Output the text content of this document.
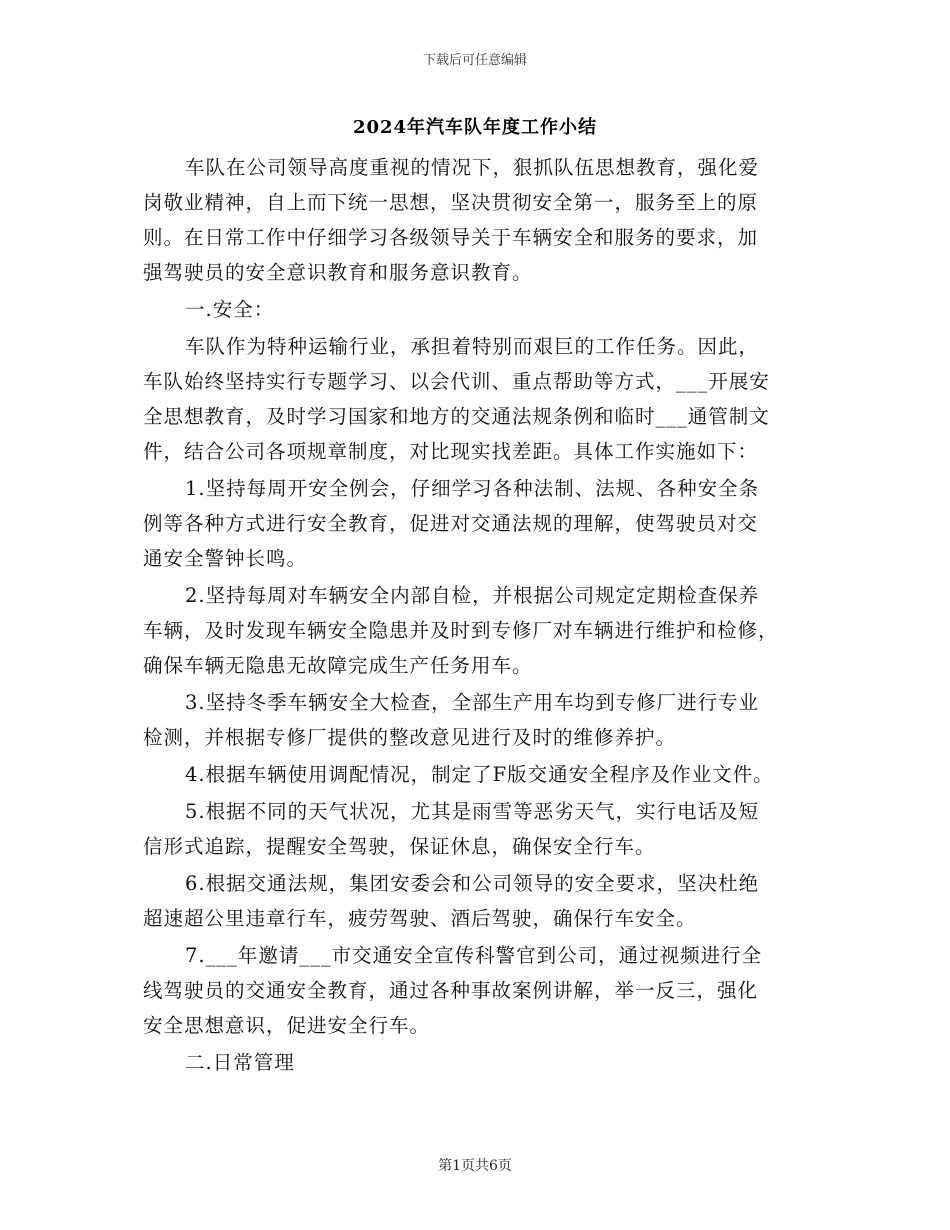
下载后可任意编辑
2024年汽车队年度工作小结
车队在公司领导高度重视的情况下，狠抓队伍思想教育，强化爱
岗敬业精神，自上而下统一思想，坚决贯彻安全第一，服务至上的原
则。在日常工作中仔细学习各级领导关于车辆安全和服务的要求，加
强驾驶员的安全意识教育和服务意识教育。
一.安全：
车队作为特种运输行业，承担着特别而艰巨的工作任务。因此，
车队始终坚持实行专题学习、以会代训、重点帮助等方式，___开展安
全思想教育，及时学习国家和地方的交通法规条例和临时___通管制文
件，结合公司各项规章制度，对比现实找差距。具体工作实施如下：
1.坚持每周开安全例会，仔细学习各种法制、法规、各种安全条
例等各种方式进行安全教育，促进对交通法规的理解，使驾驶员对交
通安全警钟长鸣。
2.坚持每周对车辆安全内部自检，并根据公司规定定期检查保养
车辆，及时发现车辆安全隐患并及时到专修厂对车辆进行维护和检修，
确保车辆无隐患无故障完成生产任务用车。
3.坚持冬季车辆安全大检查，全部生产用车均到专修厂进行专业
检测，并根据专修厂提供的整改意见进行及时的维修养护。
4.根据车辆使用调配情况，制定了F版交通安全程序及作业文件。
5.根据不同的天气状况，尤其是雨雪等恶劣天气，实行电话及短
信形式追踪，提醒安全驾驶，保证休息，确保安全行车。
6.根据交通法规，集团安委会和公司领导的安全要求，坚决杜绝
超速超公里违章行车，疲劳驾驶、酒后驾驶，确保行车安全。
7.___年邀请___市交通安全宣传科警官到公司，通过视频进行全
线驾驶员的交通安全教育，通过各种事故案例讲解，举一反三，强化
安全思想意识，促进安全行车。
二.日常管理
第1页共6页
